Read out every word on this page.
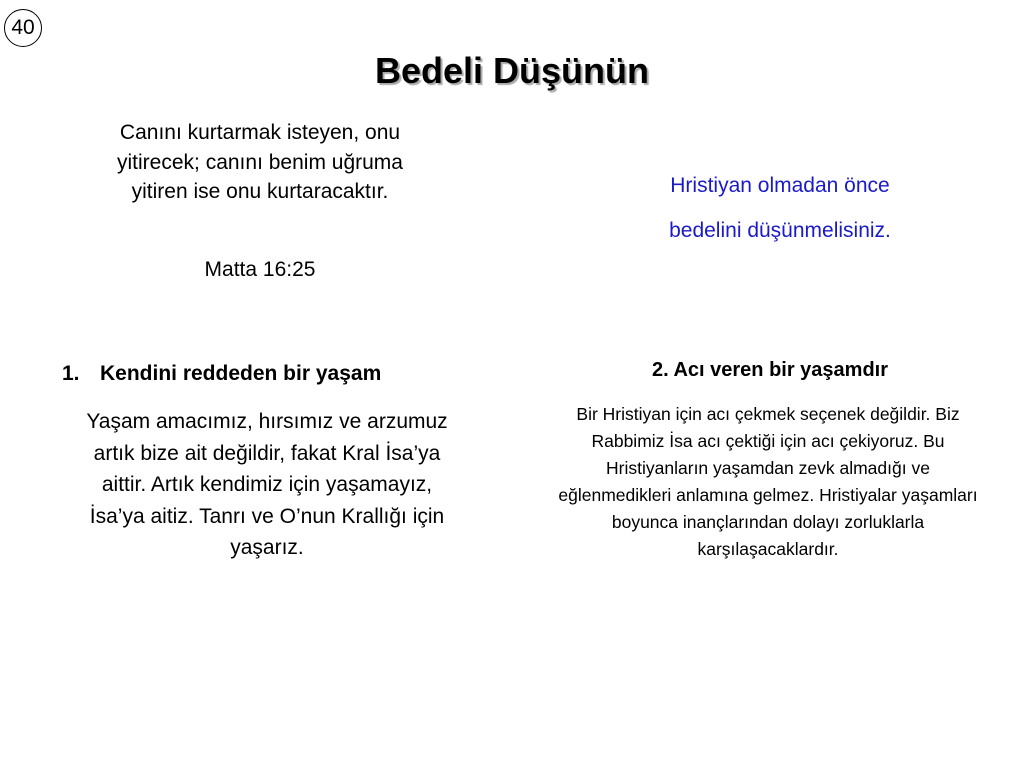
40
Bedeli Düşünün
Canını kurtarmak isteyen, onu yitirecek; canını benim uğruma yitiren ise onu kurtaracaktır.
Matta 16:25
Hristiyan olmadan önce
bedelini düşünmelisiniz.
1. Kendini reddeden bir yaşam
Yaşam amacımız, hırsımız ve arzumuz artık bize ait değildir, fakat Kral İsa’ya aittir. Artık kendimiz için yaşamayız, İsa’ya aitiz. Tanrı ve O’nun Krallığı için yaşarız.
2. Acı veren bir yaşamdır
Bir Hristiyan için acı çekmek seçenek değildir. Biz Rabbimiz İsa acı çektiği için acı çekiyoruz. Bu Hristiyanların yaşamdan zevk almadığı ve eğlenmedikleri anlamına gelmez. Hristiyalar yaşamları boyunca inançlarından dolayı zorluklarla karşılaşacaklardır.
